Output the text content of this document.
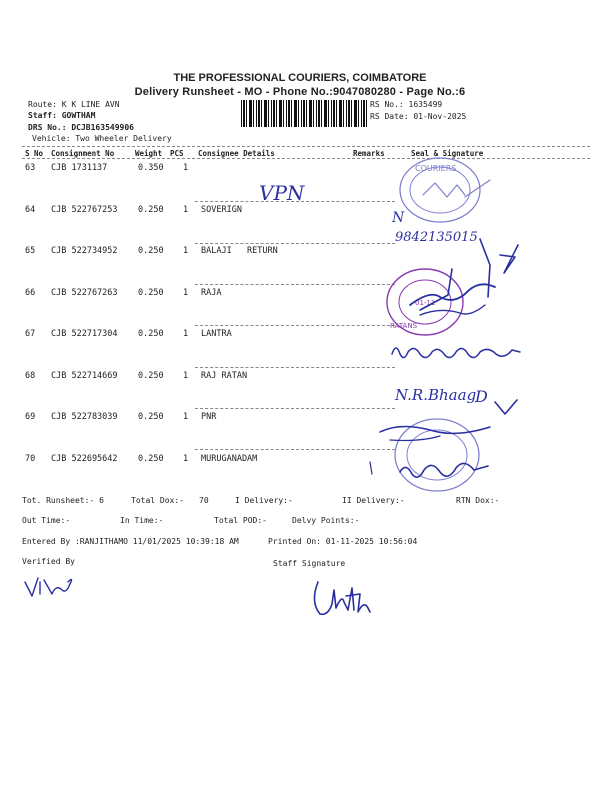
THE PROFESSIONAL COURIERS, COIMBATORE
Delivery Runsheet - MO - Phone No.:9047080280 - Page No.:6
Route: K K LINE AVN
Staff: GOWTHAM
DRS No.: DCJB163549906
Vehicle: Two Wheeler Delivery
RS No.: 1635499
RS Date: 01-Nov-2025
S No Consignment No	Weight PCS Consignee Details	Remarks	Seal & Signature
63 CJB 1731137	0.350 1
64 CJB 522767253 0.250 1 SOVERIGN
65 CJB 522734952 0.250 1 BALAJI   RETURN
66 CJB 522767263 0.250 1 RAJA
67 CJB 522717304 0.250 1 LANTRA
68 CJB 522714669 0.250 1 RAJ RATAN
69 CJB 522783039 0.250 1 PNR
70 CJB 522695642 0.250 1 MURUGANADAM
Tot. Runsheet:- 6	Total Dox:- 70	I Delivery:-	II Delivery:-	RTN Dox:-
Out Time:-	In Time:-	Total POD:-	Delvy Points:-
Entered By :RANJITHAMO 11/01/2025 10:39:18 AM	Printed On: 01-11-2025 10:56:04
Verified By	Staff Signature
VPN
COURIERS
N
9842135015
RATANS
01-11
N.R.Bhaag
D
